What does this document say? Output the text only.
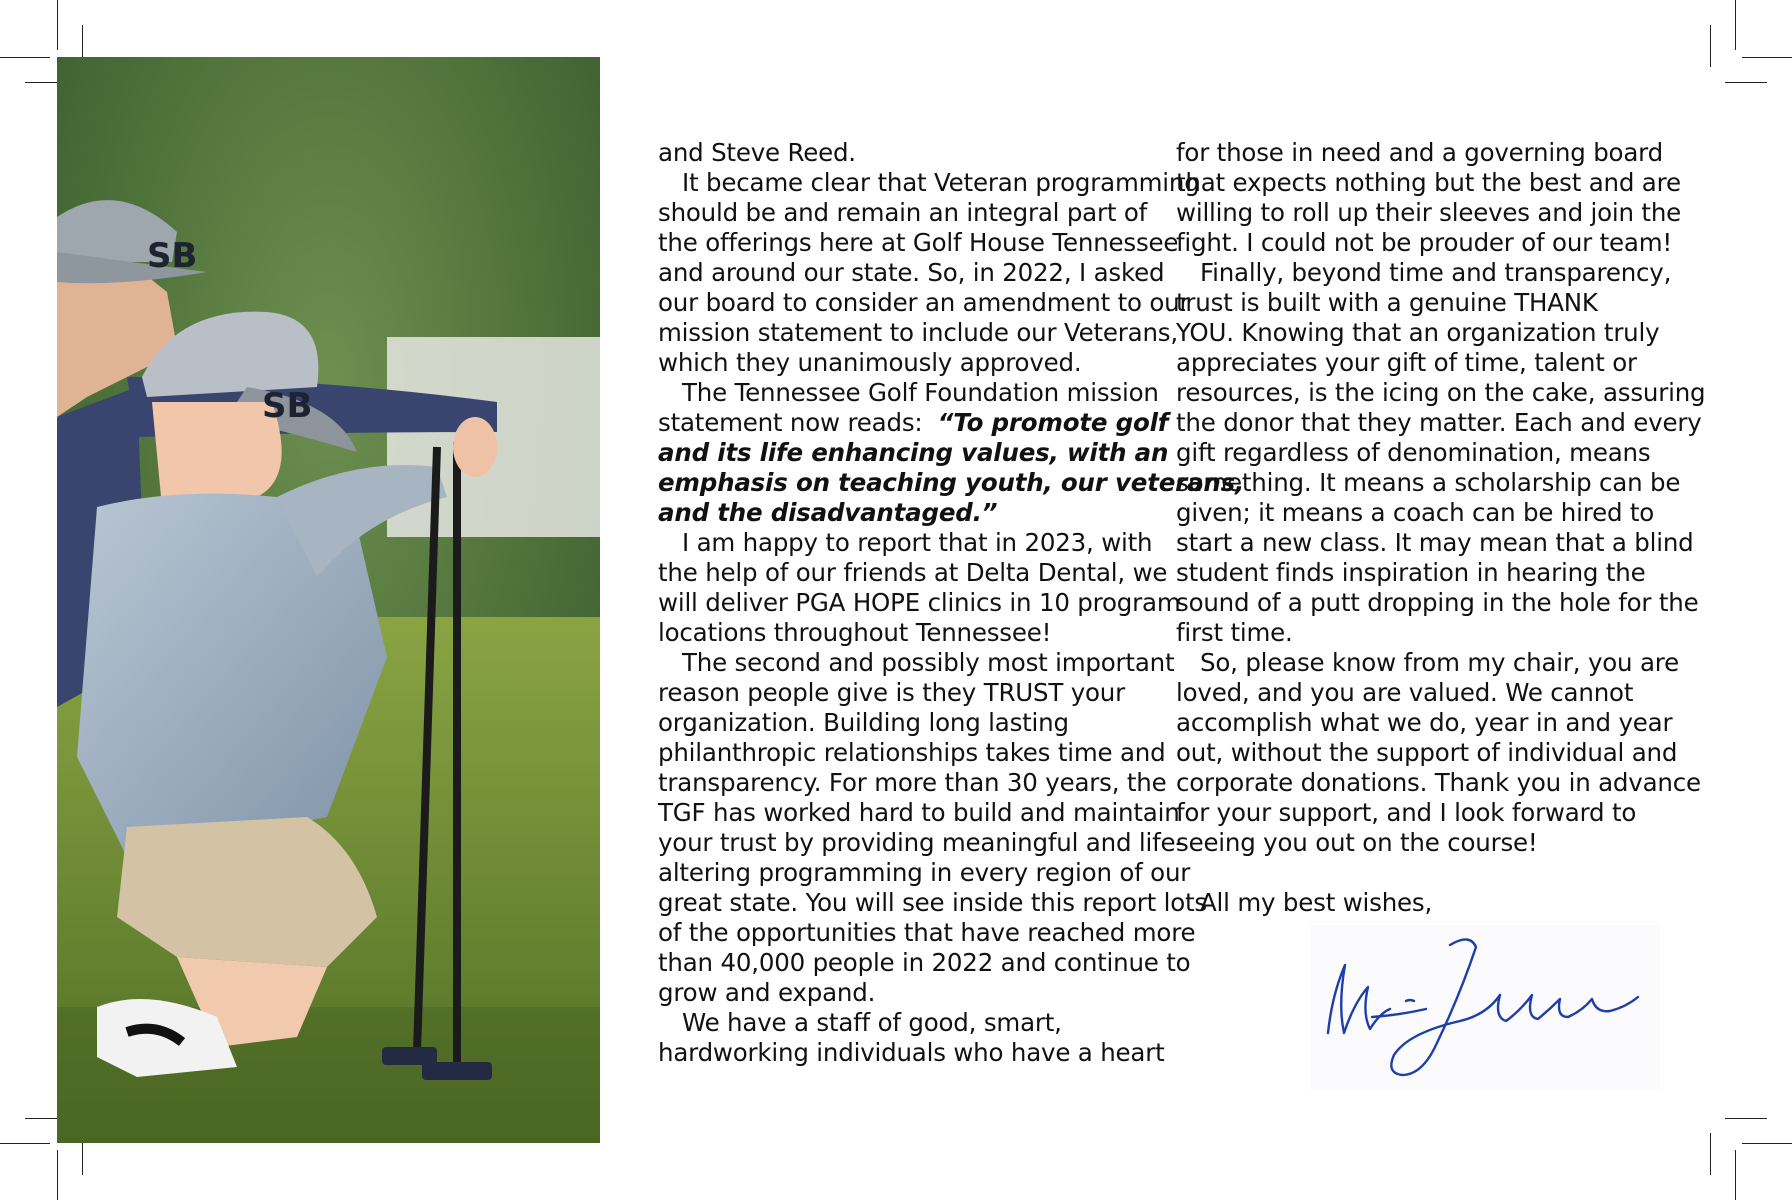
SB
SB
and Steve Reed.
It became clear that Veteran programming
should be and remain an integral part of
the offerings here at Golf House Tennessee
and around our state. So, in 2022, I asked
our board to consider an amendment to our
mission statement to include our Veterans,
which they unanimously approved.
The Tennessee Golf Foundation mission
statement now reads: “To promote golf
and its life enhancing values, with an
emphasis on teaching youth, our veterans,
and the disadvantaged.”
I am happy to report that in 2023, with
the help of our friends at Delta Dental, we
will deliver PGA HOPE clinics in 10 program
locations throughout Tennessee!
The second and possibly most important
reason people give is they TRUST your
organization. Building long lasting
philanthropic relationships takes time and
transparency. For more than 30 years, the
TGF has worked hard to build and maintain
your trust by providing meaningful and life-
altering programming in every region of our
great state. You will see inside this report lots
of the opportunities that have reached more
than 40,000 people in 2022 and continue to
grow and expand.
We have a staff of good, smart,
hardworking individuals who have a heart
for those in need and a governing board
that expects nothing but the best and are
willing to roll up their sleeves and join the
fight. I could not be prouder of our team!
Finally, beyond time and transparency,
trust is built with a genuine THANK
YOU. Knowing that an organization truly
appreciates your gift of time, talent or
resources, is the icing on the cake, assuring
the donor that they matter. Each and every
gift regardless of denomination, means
something. It means a scholarship can be
given; it means a coach can be hired to
start a new class. It may mean that a blind
student finds inspiration in hearing the
sound of a putt dropping in the hole for the
first time.
So, please know from my chair, you are
loved, and you are valued. We cannot
accomplish what we do, year in and year
out, without the support of individual and
corporate donations. Thank you in advance
for your support, and I look forward to
seeing you out on the course!
All my best wishes,
